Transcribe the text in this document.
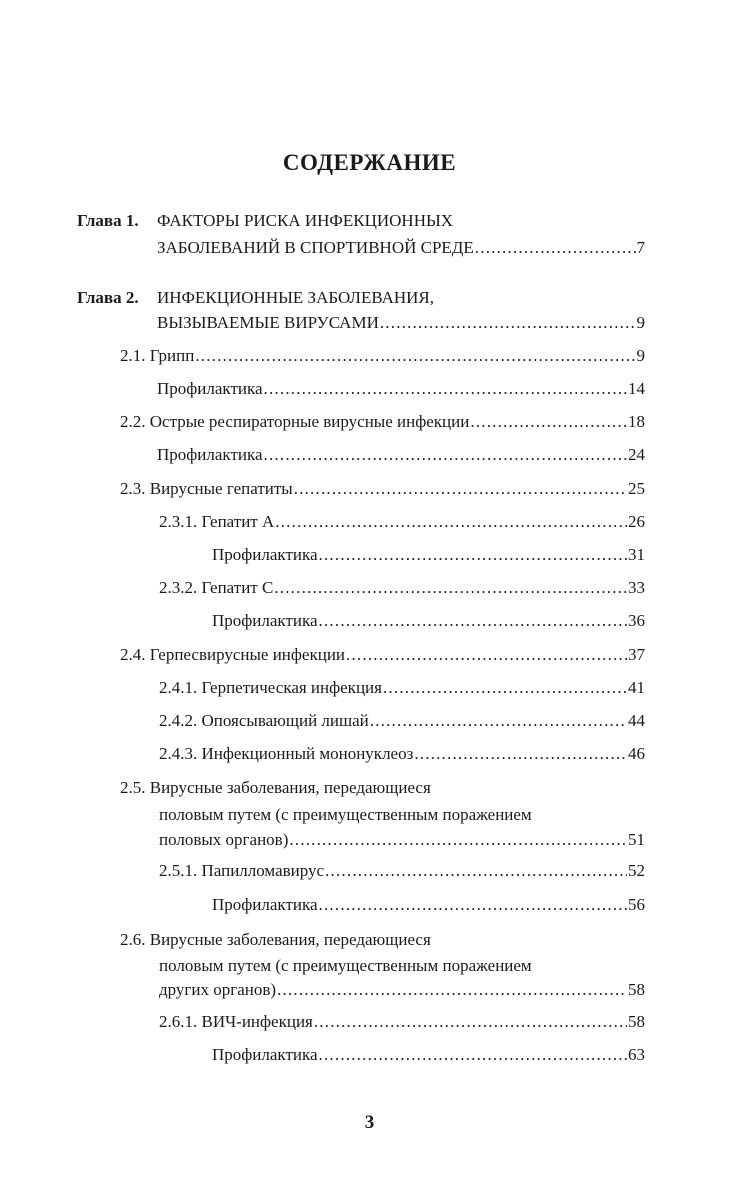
СОДЕРЖАНИЕ
Глава 1. ФАКТОРЫ РИСКА ИНФЕКЦИОННЫХ
ЗАБОЛЕВАНИЙ В СПОРТИВНОЙ СРЕДЕ .....	7
Глава 2. ИНФЕКЦИОННЫЕ ЗАБОЛЕВАНИЯ,
ВЫЗЫВАЕМЫЕ ВИРУСАМИ .....	9
2.1. Грипп .....	9
Профилактика .....	14
2.2. Острые респираторные вирусные инфекции .....	18
Профилактика .....	24
2.3. Вирусные гепатиты .....	25
2.3.1. Гепатит А .....	26
Профилактика .....	31
2.3.2. Гепатит С .....	33
Профилактика .....	36
2.4. Герпесвирусные инфекции .....	37
2.4.1. Герпетическая инфекция .....	41
2.4.2. Опоясывающий лишай .....	44
2.4.3. Инфекционный мононуклеоз .....	46
2.5. Вирусные заболевания, передающиеся
половым путем (с преимущественным поражением
половых органов) .....	51
2.5.1. Папилломавирус .....	52
Профилактика .....	56
2.6. Вирусные заболевания, передающиеся
половым путем (с преимущественным поражением
других органов) .....	58
2.6.1. ВИЧ-инфекция .....	58
Профилактика .....	63
3
